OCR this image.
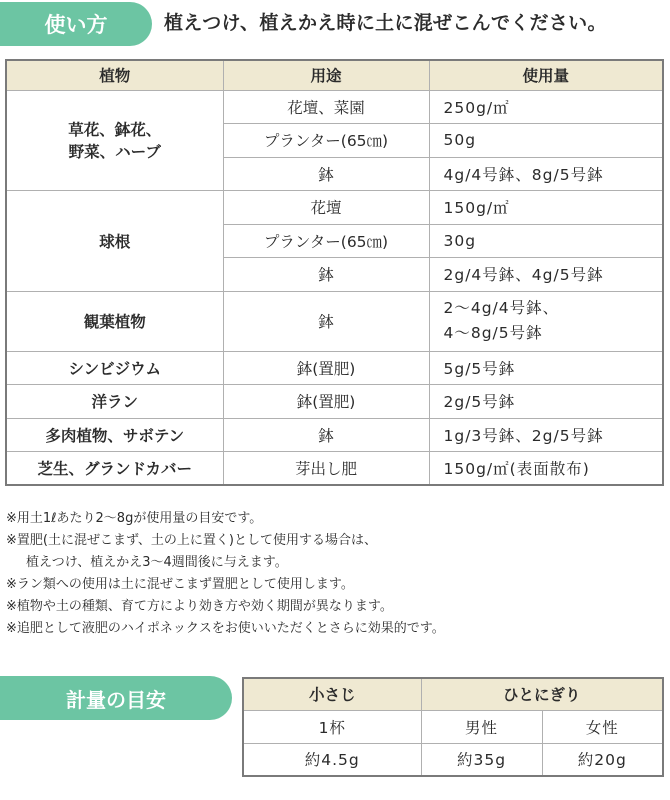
使い方	植えつけ、植えかえ時に土に混ぜこんでください。
植物	用途	使用量

草花、鉢花、
野菜、ハーブ	花壇、菜園	250g/㎡

	プランター(65㎝)	50g

	鉢	4g/4号鉢、8g/5号鉢

球根	花壇	150g/㎡

	プランター(65㎝)	30g

	鉢	2g/4号鉢、4g/5号鉢

観葉植物	鉢	2〜4g/4号鉢、
4〜8g/5号鉢

シンビジウム	鉢(置肥)	5g/5号鉢

洋ラン	鉢(置肥)	2g/5号鉢

多肉植物、サボテン	鉢	1g/3号鉢、2g/5号鉢

芝生、グランドカバー	芽出し肥	150g/㎡(表面散布)
※用土1ℓあたり2〜8gが使用量の目安です。
※置肥(土に混ぜこまず、土の上に置く)として使用する場合は、
植えつけ、植えかえ3〜4週間後に与えます。
※ラン類への使用は土に混ぜこまず置肥として使用します。
※植物や土の種類、育て方により効き方や効く期間が異なります。
※追肥として液肥のハイポネックスをお使いいただくとさらに効果的です。
計量の目安	小さじ	ひとにぎり	
1杯	男性	女性
約4.5g	約35g	約20g
